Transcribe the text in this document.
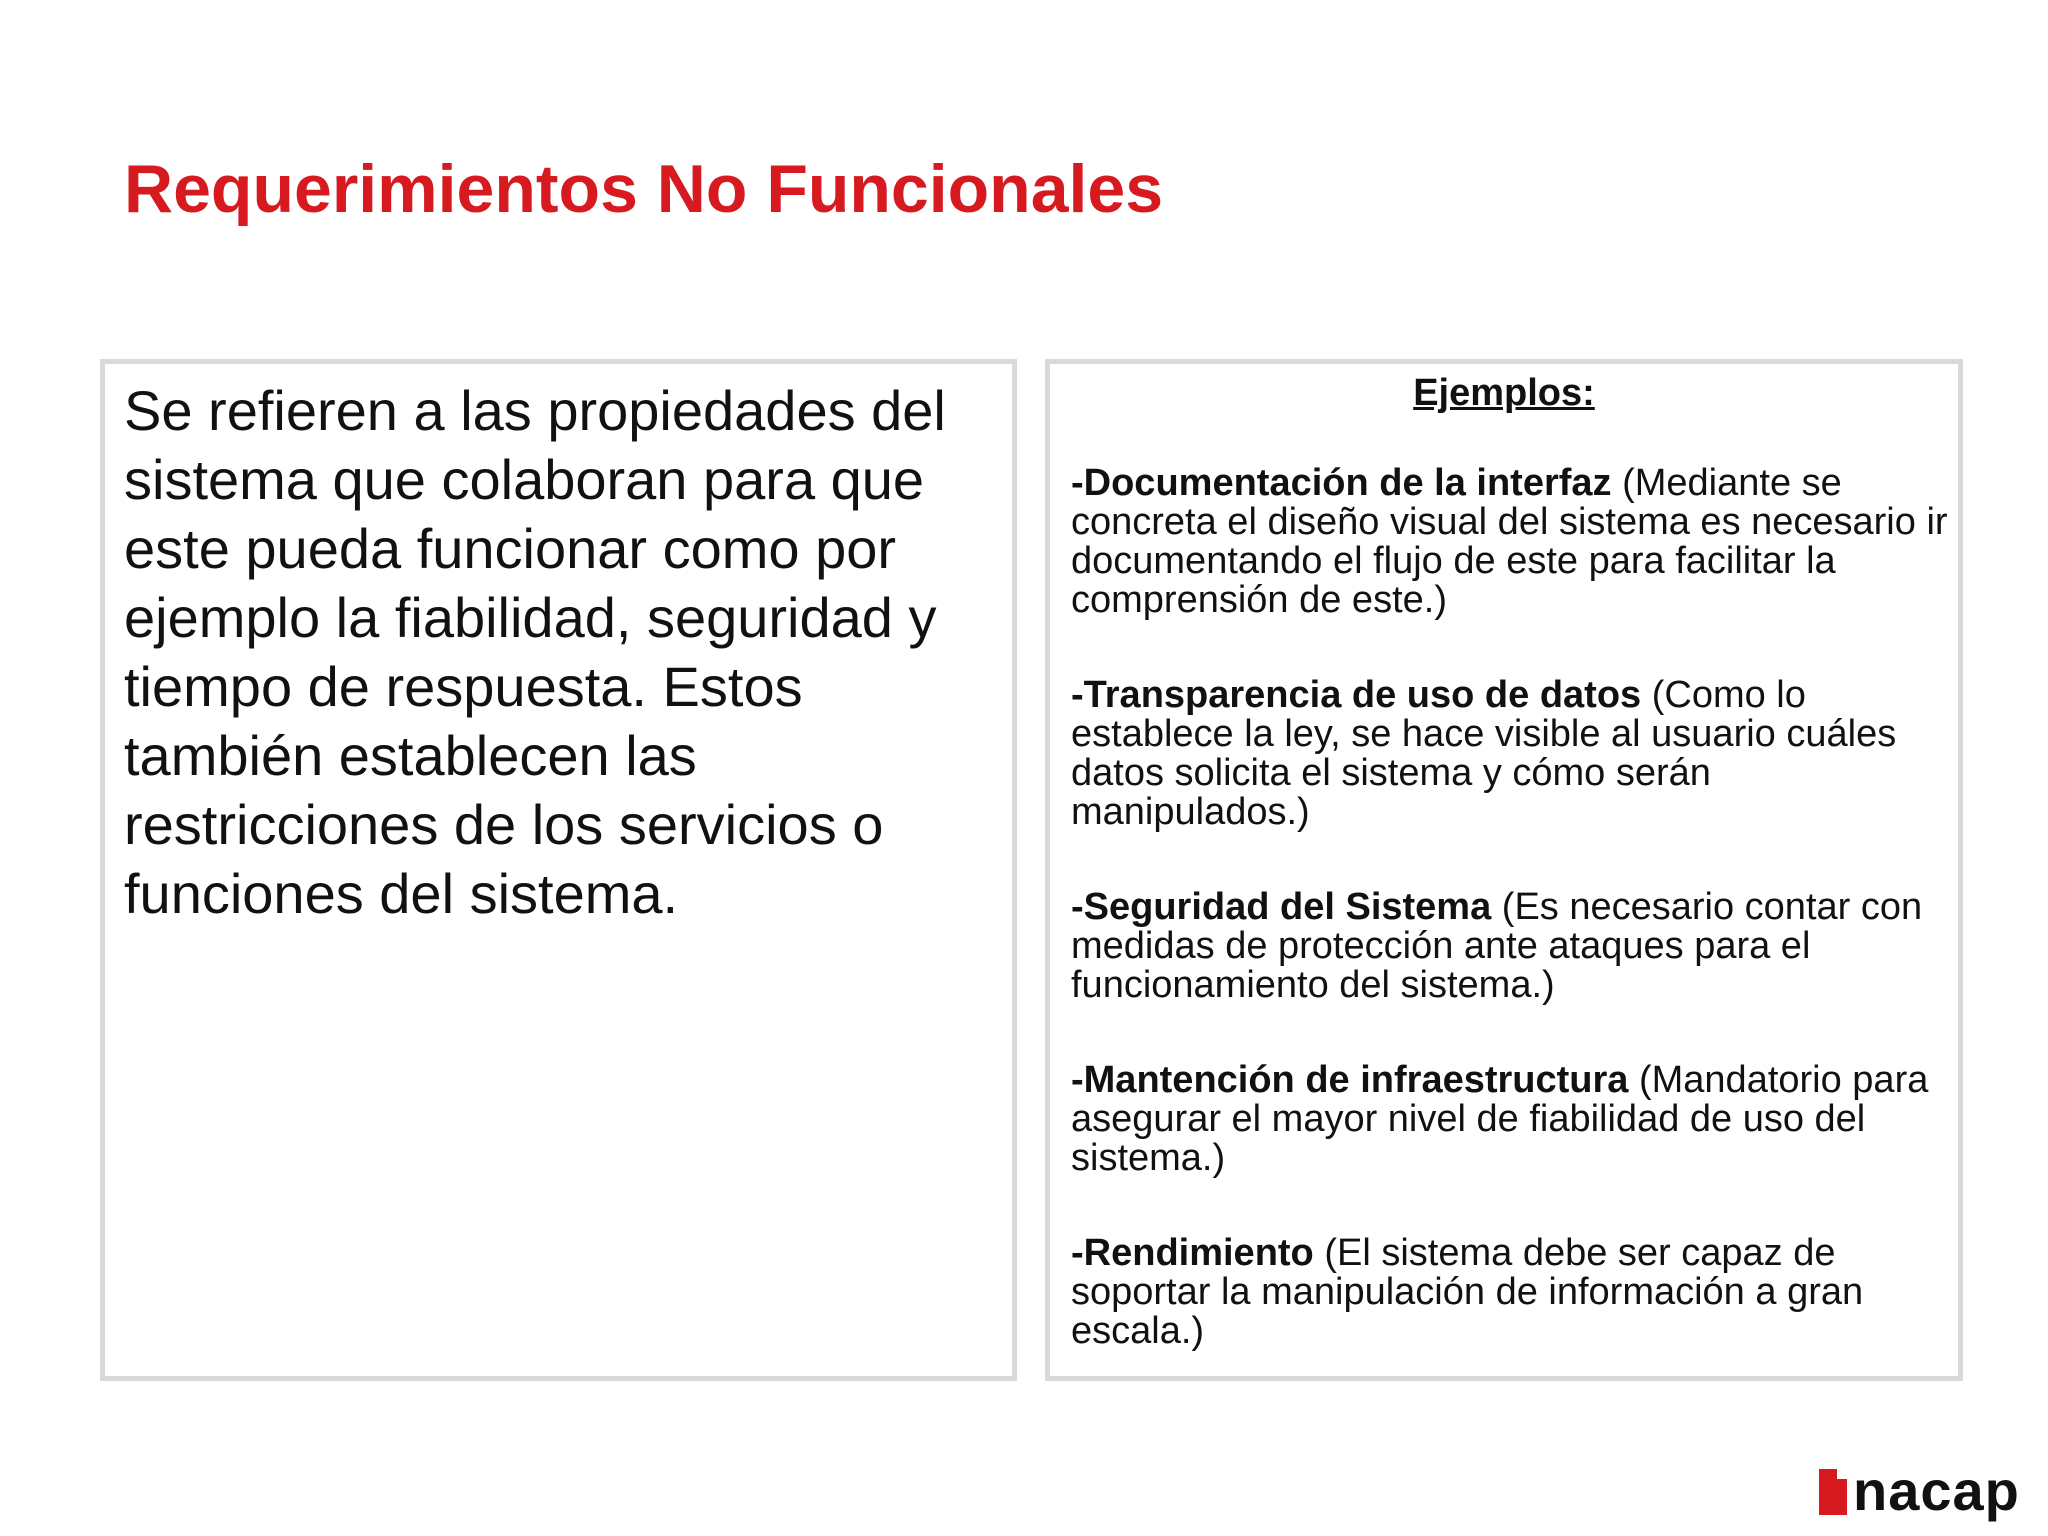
Requerimientos No Funcionales

Se refieren a las propiedades del sistema que colaboran para que este pueda funcionar como por ejemplo la fiabilidad, seguridad y tiempo de respuesta. Estos también establecen las restricciones de los servicios o funciones del sistema.

Ejemplos:

-Documentación de la interfaz (Mediante se concreta el diseño visual del sistema es necesario ir documentando el flujo de este para facilitar la comprensión de este.)

-Transparencia de uso de datos (Como lo establece la ley, se hace visible al usuario cuáles datos solicita el sistema y cómo serán manipulados.)

-Seguridad del Sistema (Es necesario contar con medidas de protección ante ataques para el funcionamiento del sistema.)

-Mantención de infraestructura (Mandatorio para asegurar el mayor nivel de fiabilidad de uso del sistema.)

-Rendimiento (El sistema debe ser capaz de soportar la manipulación de información a gran escala.)

nacap
